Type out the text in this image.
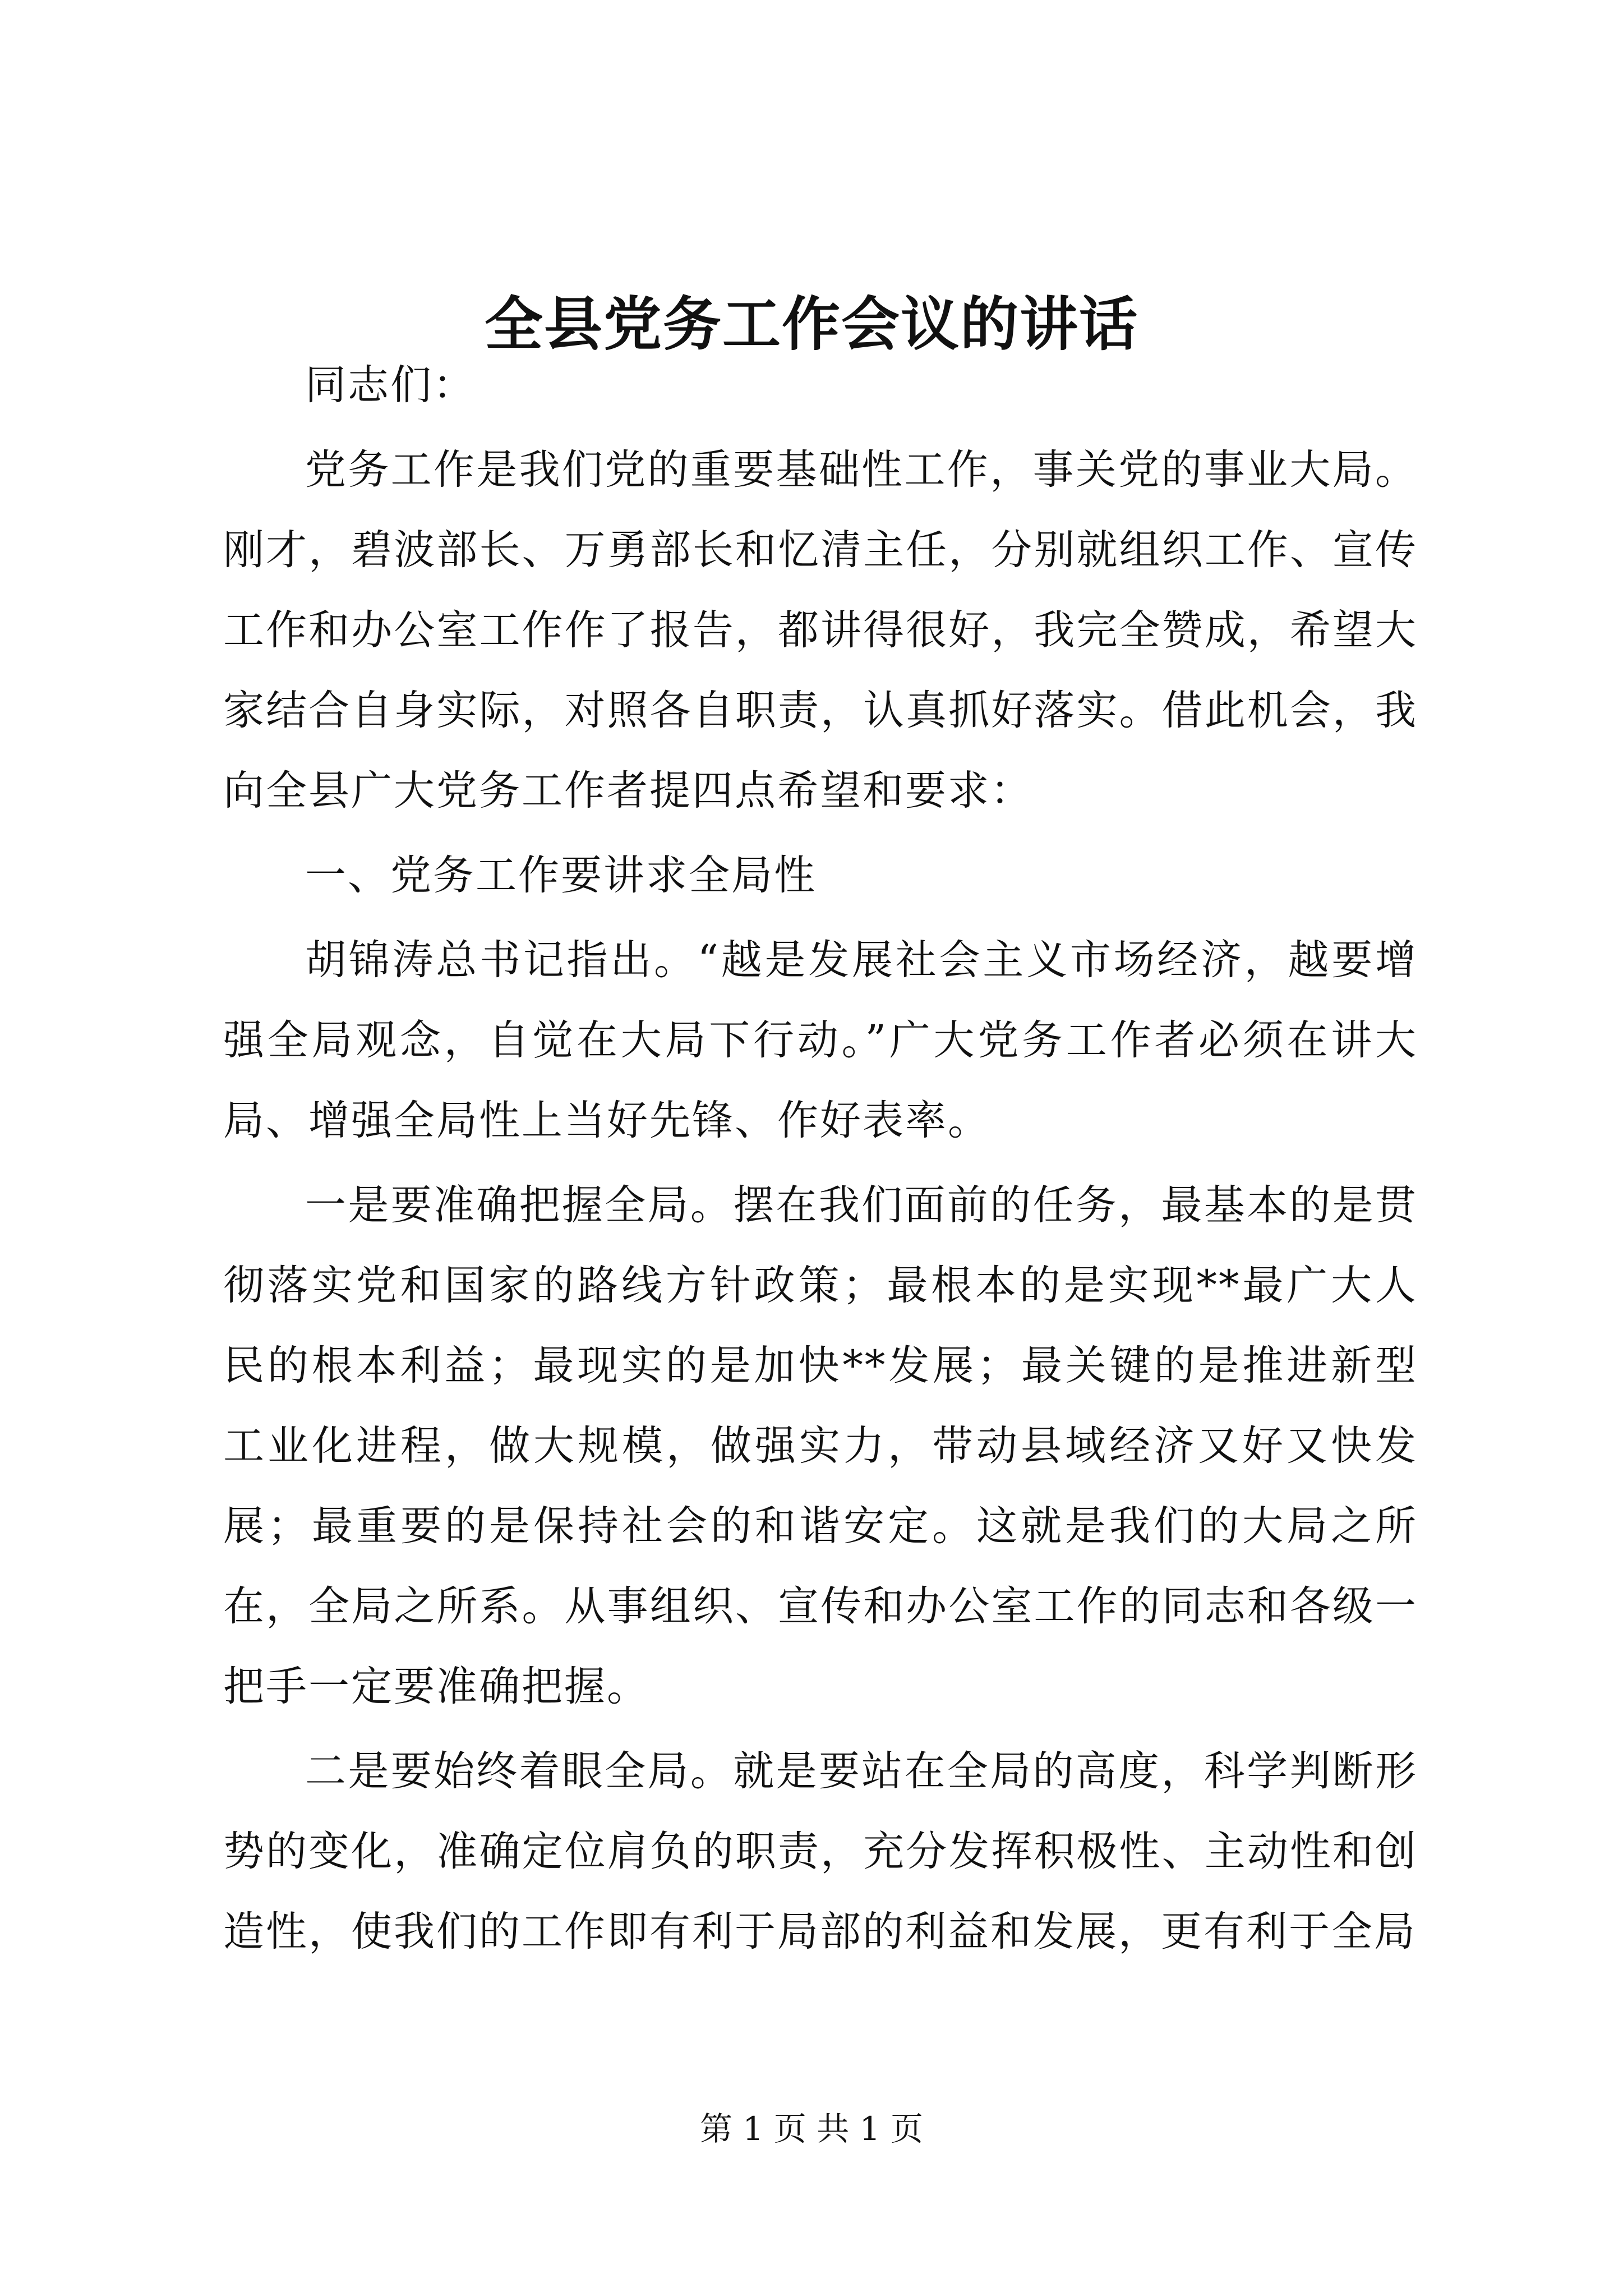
全县党务工作会议的讲话

同志们：

党务工作是我们党的重要基础性工作，事关党的事业大局。刚才，碧波部长、万勇部长和忆清主任，分别就组织工作、宣传工作和办公室工作作了报告，都讲得很好，我完全赞成，希望大家结合自身实际，对照各自职责，认真抓好落实。借此机会，我向全县广大党务工作者提四点希望和要求：

一、党务工作要讲求全局性

胡锦涛总书记指出。“越是发展社会主义市场经济，越要增强全局观念，自觉在大局下行动。”广大党务工作者必须在讲大局、增强全局性上当好先锋、作好表率。

一是要准确把握全局。摆在我们面前的任务，最基本的是贯彻落实党和国家的路线方针政策；最根本的是实现**最广大人民的根本利益；最现实的是加快**发展；最关键的是推进新型工业化进程，做大规模，做强实力，带动县域经济又好又快发展；最重要的是保持社会的和谐安定。这就是我们的大局之所在，全局之所系。从事组织、宣传和办公室工作的同志和各级一把手一定要准确把握。

二是要始终着眼全局。就是要站在全局的高度，科学判断形势的变化，准确定位肩负的职责，充分发挥积极性、主动性和创造性，使我们的工作即有利于局部的利益和发展，更有利于全局

第 1 页 共 1 页
